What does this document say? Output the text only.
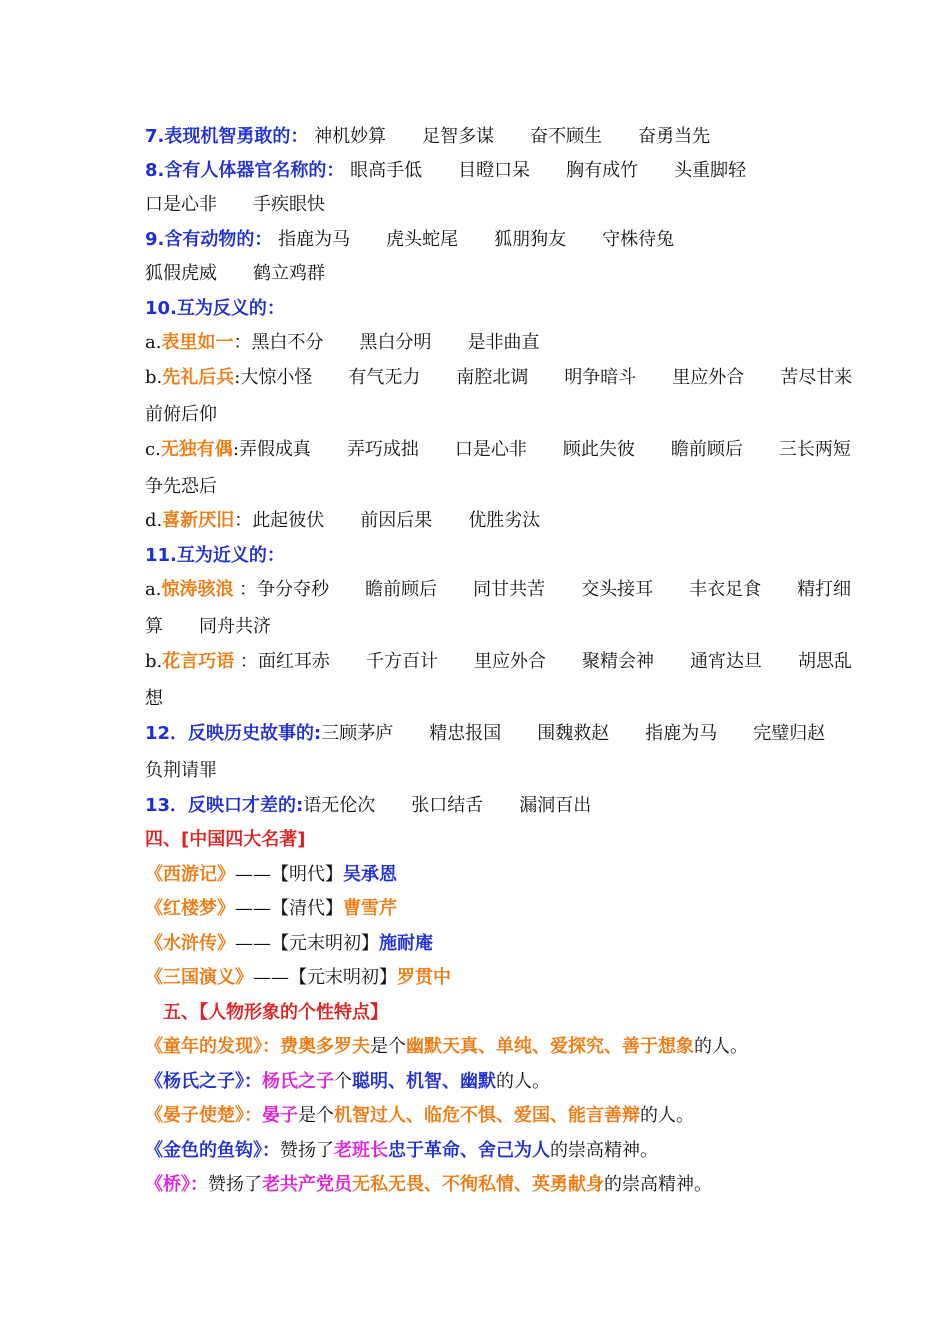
7.表现机智勇敢的： 神机妙算　　足智多谋　　奋不顾生　　奋勇当先
8.含有人体器官名称的： 眼高手低　　目瞪口呆　　胸有成竹　　头重脚轻
口是心非　　手疾眼快
9.含有动物的： 指鹿为马　　虎头蛇尾　　狐朋狗友　　守株待兔
狐假虎威　　鹤立鸡群
10.互为反义的：
a.表里如一：黑白不分　　黑白分明　　是非曲直
b.先礼后兵:大惊小怪　　有气无力　　南腔北调　　明争暗斗　　里应外合　　苦尽甘来
前俯后仰
c.无独有偶:弄假成真　　弄巧成拙　　口是心非　　顾此失彼　　瞻前顾后　　三长两短
争先恐后
d.喜新厌旧：此起彼伏　　前因后果　　优胜劣汰
11.互为近义的：
a.惊涛骇浪 ：争分夺秒　　瞻前顾后　　同甘共苦　　交头接耳　　丰衣足食　　精打细
算　　同舟共济
b.花言巧语 ：面红耳赤　　千方百计　　里应外合　　聚精会神　　通宵达旦　　胡思乱
想
12．反映历史故事的:三顾茅庐　　精忠报国　　围魏救赵　　指鹿为马　　完璧归赵
负荆请罪
13．反映口才差的:语无伦次　　张口结舌　　漏洞百出
四、[中国四大名著]
《西游记》——【明代】吴承恩
《红楼梦》——【清代】曹雪芹
《水浒传》——【元末明初】施耐庵
《三国演义》——【元末明初】罗贯中
五、【人物形象的个性特点】
《童年的发现》：费奥多罗夫是个幽默天真、单纯、爱探究、善于想象的人。
《杨氏之子》：杨氏之子个聪明、机智、幽默的人。
《晏子使楚》：晏子是个机智过人、临危不惧、爱国、能言善辩的人。
《金色的鱼钩》：赞扬了老班长忠于革命、舍己为人的崇高精神。
《桥》：赞扬了老共产党员无私无畏、不徇私情、英勇献身的崇高精神。
